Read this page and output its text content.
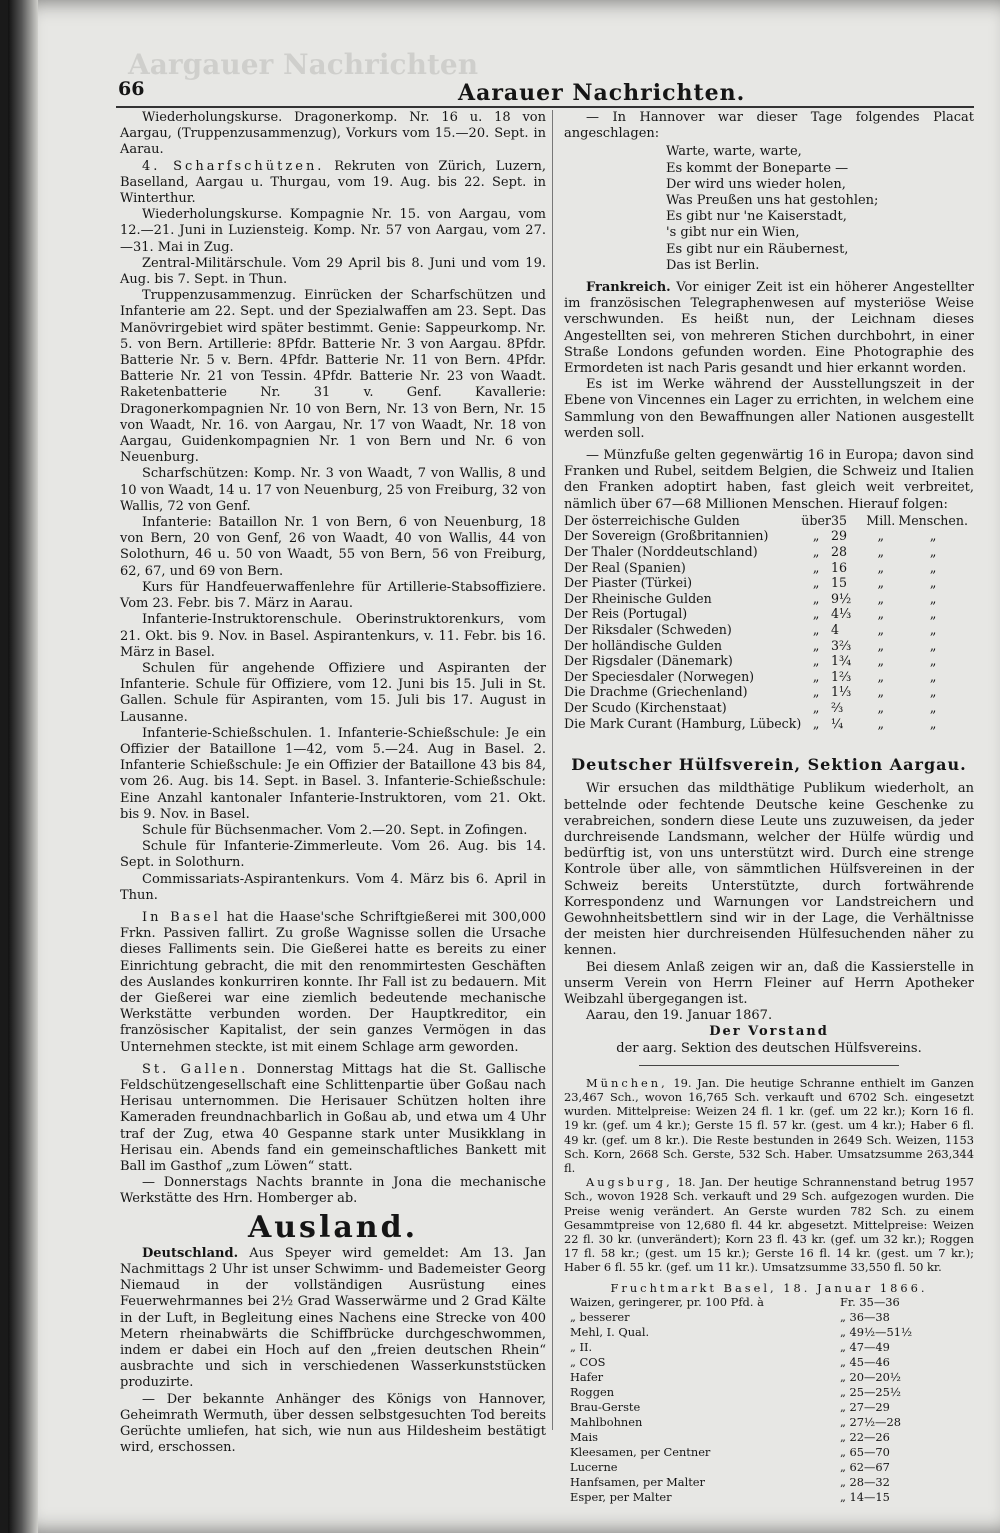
Aargauer Nachrichten
66	Aarauer Nachrichten.

Wiederholungskurse. Dragonerkomp. Nr. 16 u. 18 von Aargau, (Truppenzusammenzug), Vorkurs vom 15.—20. Sept. in Aarau.

4. Scharfschützen. Rekruten von Zürich, Luzern, Baselland, Aargau u. Thurgau, vom 19. Aug. bis 22. Sept. in Winterthur.

Wiederholungskurse. Kompagnie Nr. 15. von Aargau, vom 12.—21. Juni in Luziensteig. Komp. Nr. 57 von Aargau, vom 27.—31. Mai in Zug.

Zentral-Militärschule. Vom 29 April bis 8. Juni und vom 19. Aug. bis 7. Sept. in Thun.

Truppenzusammenzug. Einrücken der Scharfschützen und Infanterie am 22. Sept. und der Spezialwaffen am 23. Sept. Das Manövrirgebiet wird später bestimmt. Genie: Sappeurkomp. Nr. 5. von Bern. Artillerie: 8Pfdr. Batterie Nr. 3 von Aargau. 8Pfdr. Batterie Nr. 5 v. Bern. 4Pfdr. Batterie Nr. 11 von Bern. 4Pfdr. Batterie Nr. 21 von Tessin. 4Pfdr. Batterie Nr. 23 von Waadt. Raketenbatterie Nr. 31 v. Genf. Kavallerie: Dragonerkompagnien Nr. 10 von Bern, Nr. 13 von Bern, Nr. 15 von Waadt, Nr. 16. von Aargau, Nr. 17 von Waadt, Nr. 18 von Aargau, Guidenkompagnien Nr. 1 von Bern und Nr. 6 von Neuenburg.

Scharfschützen: Komp. Nr. 3 von Waadt, 7 von Wallis, 8 und 10 von Waadt, 14 u. 17 von Neuenburg, 25 von Freiburg, 32 von Wallis, 72 von Genf.

Infanterie: Bataillon Nr. 1 von Bern, 6 von Neuenburg, 18 von Bern, 20 von Genf, 26 von Waadt, 40 von Wallis, 44 von Solothurn, 46 u. 50 von Waadt, 55 von Bern, 56 von Freiburg, 62, 67, und 69 von Bern.

Kurs für Handfeuerwaffenlehre für Artillerie-Stabsoffiziere. Vom 23. Febr. bis 7. März in Aarau.

Infanterie-Instruktorenschule. Oberinstruktorenkurs, vom 21. Okt. bis 9. Nov. in Basel. Aspirantenkurs, v. 11. Febr. bis 16. März in Basel.

Schulen für angehende Offiziere und Aspiranten der Infanterie. Schule für Offiziere, vom 12. Juni bis 15. Juli in St. Gallen. Schule für Aspiranten, vom 15. Juli bis 17. August in Lausanne.

Infanterie-Schießschulen. 1. Infanterie-Schießschule: Je ein Offizier der Bataillone 1—42, vom 5.—24. Aug in Basel. 2. Infanterie Schießschule: Je ein Offizier der Bataillone 43 bis 84, vom 26. Aug. bis 14. Sept. in Basel. 3. Infanterie-Schießschule: Eine Anzahl kantonaler Infanterie-Instruktoren, vom 21. Okt. bis 9. Nov. in Basel.

Schule für Büchsenmacher. Vom 2.—20. Sept. in Zofingen.

Schule für Infanterie-Zimmerleute. Vom 26. Aug. bis 14. Sept. in Solothurn.

Commissariats-Aspirantenkurs. Vom 4. März bis 6. April in Thun.

In Basel hat die Haase'sche Schriftgießerei mit 300,000 Frkn. Passiven fallirt. Zu große Wagnisse sollen die Ursache dieses Falliments sein. Die Gießerei hatte es bereits zu einer Einrichtung gebracht, die mit den renommirtesten Geschäften des Auslandes konkurriren konnte. Ihr Fall ist zu bedauern. Mit der Gießerei war eine ziemlich bedeutende mechanische Werkstätte verbunden worden. Der Hauptkreditor, ein französischer Kapitalist, der sein ganzes Vermögen in das Unternehmen steckte, ist mit einem Schlage arm geworden.

St. Gallen. Donnerstag Mittags hat die St. Gallische Feldschützengesellschaft eine Schlittenpartie über Goßau nach Herisau unternommen. Die Herisauer Schützen holten ihre Kameraden freundnachbarlich in Goßau ab, und etwa um 4 Uhr traf der Zug, etwa 40 Gespanne stark unter Musikklang in Herisau ein. Abends fand ein gemeinschaftliches Bankett mit Ball im Gasthof „zum Löwen“ statt.

— Donnerstags Nachts brannte in Jona die mechanische Werkstätte des Hrn. Homberger ab.

Ausland.

Deutschland. Aus Speyer wird gemeldet: Am 13. Jan Nachmittags 2 Uhr ist unser Schwimm- und Bademeister Georg Niemaud in der vollständigen Ausrüstung eines Feuerwehrmannes bei 2½ Grad Wasserwärme und 2 Grad Kälte in der Luft, in Begleitung eines Nachens eine Strecke von 400 Metern rheinabwärts die Schiffbrücke durchgeschwommen, indem er dabei ein Hoch auf den „freien deutschen Rhein“ ausbrachte und sich in verschiedenen Wasserkunststücken produzirte.

— Der bekannte Anhänger des Königs von Hannover, Geheimrath Wermuth, über dessen selbstgesuchten Tod bereits Gerüchte umliefen, hat sich, wie nun aus Hildesheim bestätigt wird, erschossen.

— In Hannover war dieser Tage folgendes Placat angeschlagen:

Warte, warte, warte,

Es kommt der Boneparte —

Der wird uns wieder holen,

Was Preußen uns hat gestohlen;

Es gibt nur 'ne Kaiserstadt,

's gibt nur ein Wien,

Es gibt nur ein Räubernest,

Das ist Berlin.

Frankreich. Vor einiger Zeit ist ein höherer Angestellter im französischen Telegraphenwesen auf mysteriöse Weise verschwunden. Es heißt nun, der Leichnam dieses Angestellten sei, von mehreren Stichen durchbohrt, in einer Straße Londons gefunden worden. Eine Photographie des Ermordeten ist nach Paris gesandt und hier erkannt worden.

Es ist im Werke während der Ausstellungszeit in der Ebene von Vincennes ein Lager zu errichten, in welchem eine Sammlung von den Bewaffnungen aller Nationen ausgestellt werden soll.

— Münzfuße gelten gegenwärtig 16 in Europa; davon sind Franken und Rubel, seitdem Belgien, die Schweiz und Italien den Franken adoptirt haben, fast gleich weit verbreitet, nämlich über 67—68 Millionen Menschen. Hierauf folgen:

Der österreichische Gulden	über	35	Mill.	Menschen.
Der Sovereign (Großbritannien)	„	29	„	„
Der Thaler (Norddeutschland)	„	28	„	„
Der Real (Spanien)	„	16	„	„
Der Piaster (Türkei)	„	15	„	„
Der Rheinische Gulden	„	9½	„	„
Der Reis (Portugal)	„	4⅓	„	„
Der Riksdaler (Schweden)	„	4	„	„
Der holländische Gulden	„	3⅔	„	„
Der Rigsdaler (Dänemark)	„	1¾	„	„
Der Speciesdaler (Norwegen)	„	1⅔	„	„
Die Drachme (Griechenland)	„	1⅓	„	„
Der Scudo (Kirchenstaat)	„	⅔	„	„
Die Mark Curant (Hamburg, Lübeck)	„	¼	„	„
Deutscher Hülfsverein, Sektion Aargau.

Wir ersuchen das mildthätige Publikum wiederholt, an bettelnde oder fechtende Deutsche keine Geschenke zu verabreichen, sondern diese Leute uns zuzuweisen, da jeder durchreisende Landsmann, welcher der Hülfe würdig und bedürftig ist, von uns unterstützt wird. Durch eine strenge Kontrole über alle, von sämmtlichen Hülfsvereinen in der Schweiz bereits Unterstützte, durch fortwährende Korrespondenz und Warnungen vor Landstreichern und Gewohnheitsbettlern sind wir in der Lage, die Verhältnisse der meisten hier durchreisenden Hülfesuchenden näher zu kennen.

Bei diesem Anlaß zeigen wir an, daß die Kassierstelle in unserm Verein von Herrn Fleiner auf Herrn Apotheker Weibzahl übergegangen ist.

Aarau, den 19. Januar 1867.

Der Vorstand
der aarg. Sektion des deutschen Hülfsvereins.

München, 19. Jan. Die heutige Schranne enthielt im Ganzen 23,467 Sch., wovon 16,765 Sch. verkauft und 6702 Sch. eingesetzt wurden. Mittelpreise: Weizen 24 fl. 1 kr. (gef. um 22 kr.); Korn 16 fl. 19 kr. (gef. um 4 kr.); Gerste 15 fl. 57 kr. (gest. um 4 kr.); Haber 6 fl. 49 kr. (gef. um 8 kr.). Die Reste bestunden in 2649 Sch. Weizen, 1153 Sch. Korn, 2668 Sch. Gerste, 532 Sch. Haber. Umsatzsumme 263,344 fl.

Augsburg, 18. Jan. Der heutige Schrannenstand betrug 1957 Sch., wovon 1928 Sch. verkauft und 29 Sch. aufgezogen wurden. Die Preise wenig verändert. An Gerste wurden 782 Sch. zu einem Gesammtpreise von 12,680 fl. 44 kr. abgesetzt. Mittelpreise: Weizen 22 fl. 30 kr. (unverändert); Korn 23 fl. 43 kr. (gef. um 32 kr.); Roggen 17 fl. 58 kr.; (gest. um 15 kr.); Gerste 16 fl. 14 kr. (gest. um 7 kr.); Haber 6 fl. 55 kr. (gef. um 11 kr.). Umsatzsumme 33,550 fl. 50 kr.

Fruchtmarkt Basel, 18. Januar 1866.

Waizen, geringerer, pr. 100 Pfd. à	Fr. 35—36
„ besserer	„ 36—38
Mehl, I. Qual.	„ 49½—51½
„ II.	„ 47—49
„ COS	„ 45—46
Hafer	„ 20—20½
Roggen	„ 25—25½
Brau-Gerste	„ 27—29
Mahlbohnen	„ 27½—28
Mais	„ 22—26
Kleesamen, per Centner	„ 65—70
Lucerne	„ 62—67
Hanfsamen, per Malter	„ 28—32
Esper, per Malter	„ 14—15
